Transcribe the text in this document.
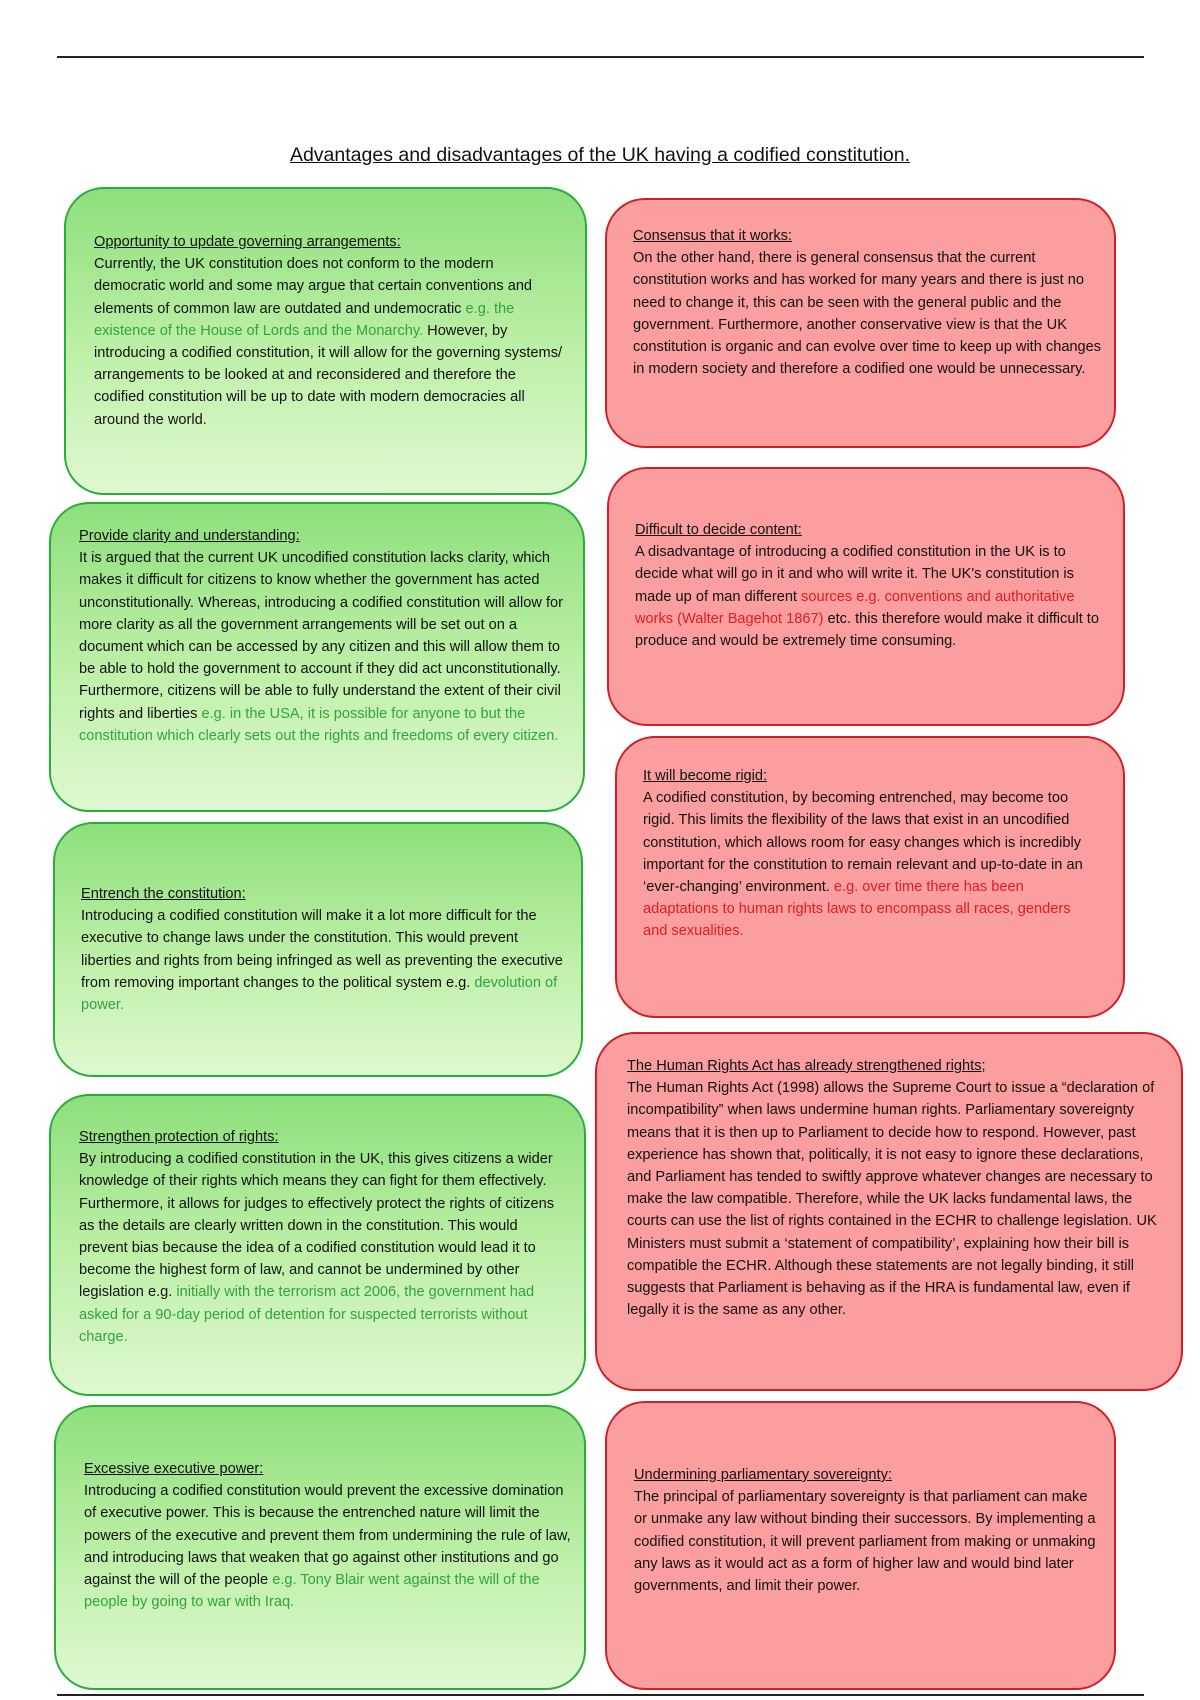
Advantages and disadvantages of the UK having a codified constitution.
Opportunity to update governing arrangements:
Currently, the UK constitution does not conform to the modern democratic world and some may argue that certain conventions and elements of common law are outdated and undemocratic e.g. the existence of the House of Lords and the Monarchy. However, by introducing a codified constitution, it will allow for the governing systems/ arrangements to be looked at and reconsidered and therefore the codified constitution will be up to date with modern democracies all around the world.
Provide clarity and understanding:
It is argued that the current UK uncodified constitution lacks clarity, which makes it difficult for citizens to know whether the government has acted unconstitutionally. Whereas, introducing a codified constitution will allow for more clarity as all the government arrangements will be set out on a document which can be accessed by any citizen and this will allow them to be able to hold the government to account if they did act unconstitutionally. Furthermore, citizens will be able to fully understand the extent of their civil rights and liberties e.g. in the USA, it is possible for anyone to but the constitution which clearly sets out the rights and freedoms of every citizen.
Entrench the constitution:
Introducing a codified constitution will make it a lot more difficult for the executive to change laws under the constitution. This would prevent liberties and rights from being infringed as well as preventing the executive from removing important changes to the political system e.g. devolution of power.
Strengthen protection of rights:
By introducing a codified constitution in the UK, this gives citizens a wider knowledge of their rights which means they can fight for them effectively. Furthermore, it allows for judges to effectively protect the rights of citizens as the details are clearly written down in the constitution. This would prevent bias because the idea of a codified constitution would lead it to become the highest form of law, and cannot be undermined by other legislation e.g. initially with the terrorism act 2006, the government had asked for a 90-day period of detention for suspected terrorists without charge.
Excessive executive power:
Introducing a codified constitution would prevent the excessive domination of executive power. This is because the entrenched nature will limit the powers of the executive and prevent them from undermining the rule of law, and introducing laws that weaken that go against other institutions and go against the will of the people e.g. Tony Blair went against the will of the people by going to war with Iraq.
Consensus that it works:
On the other hand, there is general consensus that the current constitution works and has worked for many years and there is just no need to change it, this can be seen with the general public and the government. Furthermore, another conservative view is that the UK constitution is organic and can evolve over time to keep up with changes in modern society and therefore a codified one would be unnecessary.
Difficult to decide content:
A disadvantage of introducing a codified constitution in the UK is to decide what will go in it and who will write it. The UK's constitution is made up of man different sources e.g. conventions and authoritative works (Walter Bagehot 1867) etc. this therefore would make it difficult to produce and would be extremely time consuming.
It will become rigid:
A codified constitution, by becoming entrenched, may become too rigid. This limits the flexibility of the laws that exist in an uncodified constitution, which allows room for easy changes which is incredibly important for the constitution to remain relevant and up-to-date in an ‘ever-changing’ environment. e.g. over time there has been adaptations to human rights laws to encompass all races, genders and sexualities.
The Human Rights Act has already strengthened rights;
The Human Rights Act (1998) allows the Supreme Court to issue a “declaration of incompatibility” when laws undermine human rights. Parliamentary sovereignty means that it is then up to Parliament to decide how to respond. However, past experience has shown that, politically, it is not easy to ignore these declarations, and Parliament has tended to swiftly approve whatever changes are necessary to make the law compatible. Therefore, while the UK lacks fundamental laws, the courts can use the list of rights contained in the ECHR to challenge legislation. UK Ministers must submit a ‘statement of compatibility’, explaining how their bill is compatible the ECHR. Although these statements are not legally binding, it still suggests that Parliament is behaving as if the HRA is fundamental law, even if legally it is the same as any other.
Undermining parliamentary sovereignty:
The principal of parliamentary sovereignty is that parliament can make or unmake any law without binding their successors. By implementing a codified constitution, it will prevent parliament from making or unmaking any laws as it would act as a form of higher law and would bind later governments, and limit their power.
